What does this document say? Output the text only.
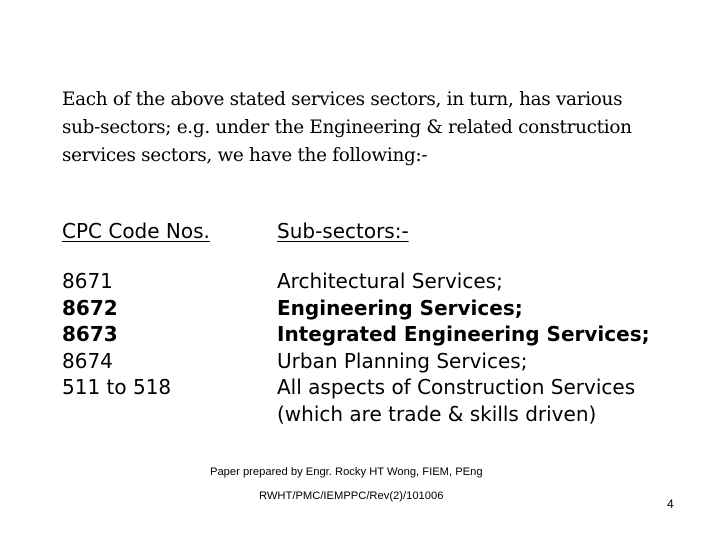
Each of the above stated services sectors, in turn, has various sub-sectors; e.g. under the Engineering & related construction services sectors, we have the following:-

CPC Code Nos.	Sub-sectors:-

8671
8672
8673
8674
511 to 518
Architectural Services;
Engineering Services;
Integrated Engineering Services;
Urban Planning Services;
All aspects of Construction Services
(which are trade & skills driven)

Paper prepared by Engr. Rocky HT Wong, FIEM, PEng

RWHT/PMC/IEMPPC/Rev(2)/101006

4
